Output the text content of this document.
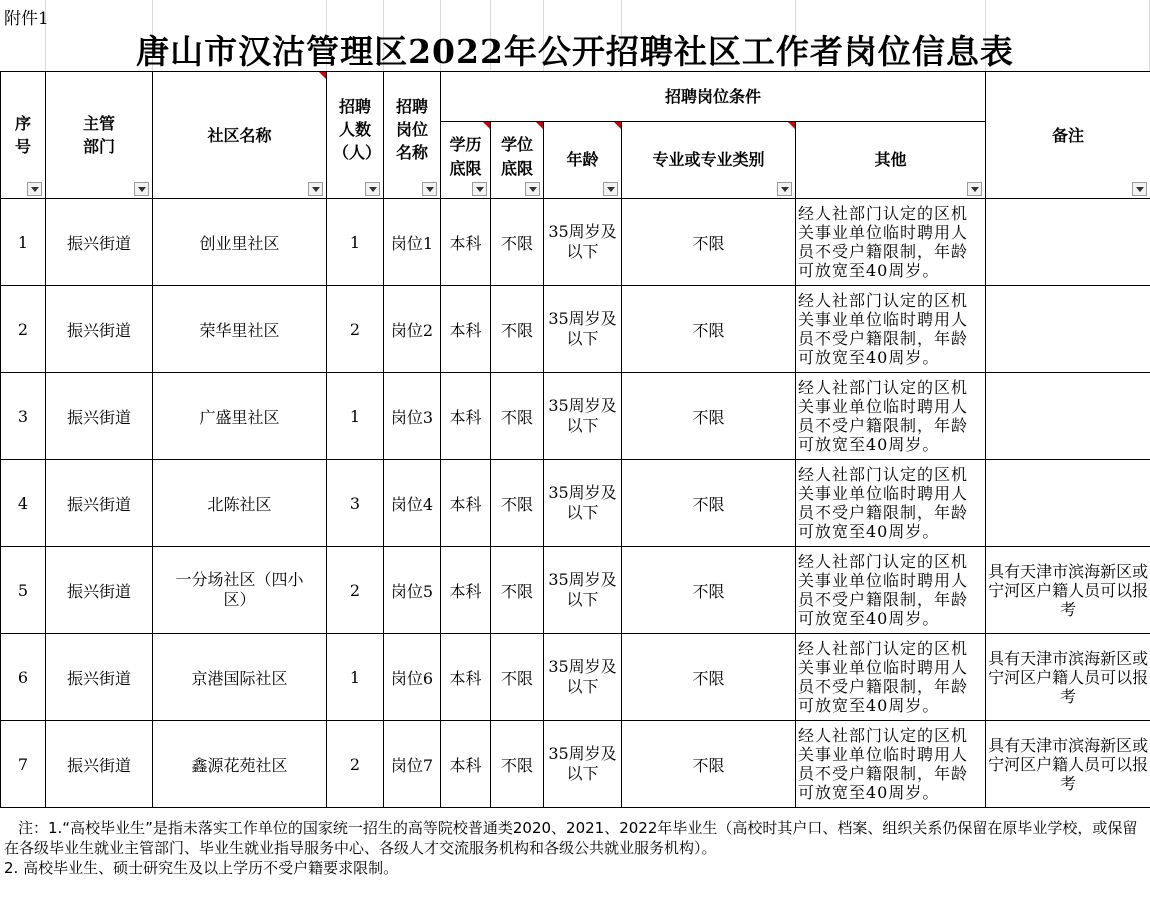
附件1
唐山市汉沽管理区2022年公开招聘社区工作者岗位信息表
序号	主管部门	社区名称	招聘人数（人）	招聘岗位名称	招聘岗位条件					备注

					学历底限	学位底限	年龄	专业或专业类别	其他	

1	振兴街道	创业里社区	1	岗位1	本科	不限	35周岁及以下	不限	经人社部门认定的区机关事业单位临时聘用人员不受户籍限制，年龄可放宽至40周岁。	
2	振兴街道	荣华里社区	2	岗位2	本科	不限	35周岁及以下	不限	经人社部门认定的区机关事业单位临时聘用人员不受户籍限制，年龄可放宽至40周岁。	
3	振兴街道	广盛里社区	1	岗位3	本科	不限	35周岁及以下	不限	经人社部门认定的区机关事业单位临时聘用人员不受户籍限制，年龄可放宽至40周岁。	
4	振兴街道	北陈社区	3	岗位4	本科	不限	35周岁及以下	不限	经人社部门认定的区机关事业单位临时聘用人员不受户籍限制，年龄可放宽至40周岁。	
5	振兴街道	一分场社区（四小区）	2	岗位5	本科	不限	35周岁及以下	不限	经人社部门认定的区机关事业单位临时聘用人员不受户籍限制，年龄可放宽至40周岁。	具有天津市滨海新区或宁河区户籍人员可以报考
6	振兴街道	京港国际社区	1	岗位6	本科	不限	35周岁及以下	不限	经人社部门认定的区机关事业单位临时聘用人员不受户籍限制，年龄可放宽至40周岁。	具有天津市滨海新区或宁河区户籍人员可以报考
7	振兴街道	鑫源花苑社区	2	岗位7	本科	不限	35周岁及以下	不限	经人社部门认定的区机关事业单位临时聘用人员不受户籍限制，年龄可放宽至40周岁。	具有天津市滨海新区或宁河区户籍人员可以报考

注：1.“高校毕业生”是指未落实工作单位的国家统一招生的高等院校普通类2020、2021、2022年毕业生（高校时其户口、档案、组织关系仍保留在原毕业学校，或保留在各级毕业生就业主管部门、毕业生就业指导服务中心、各级人才交流服务机构和各级公共就业服务机构）。

2. 高校毕业生、硕士研究生及以上学历不受户籍要求限制。
